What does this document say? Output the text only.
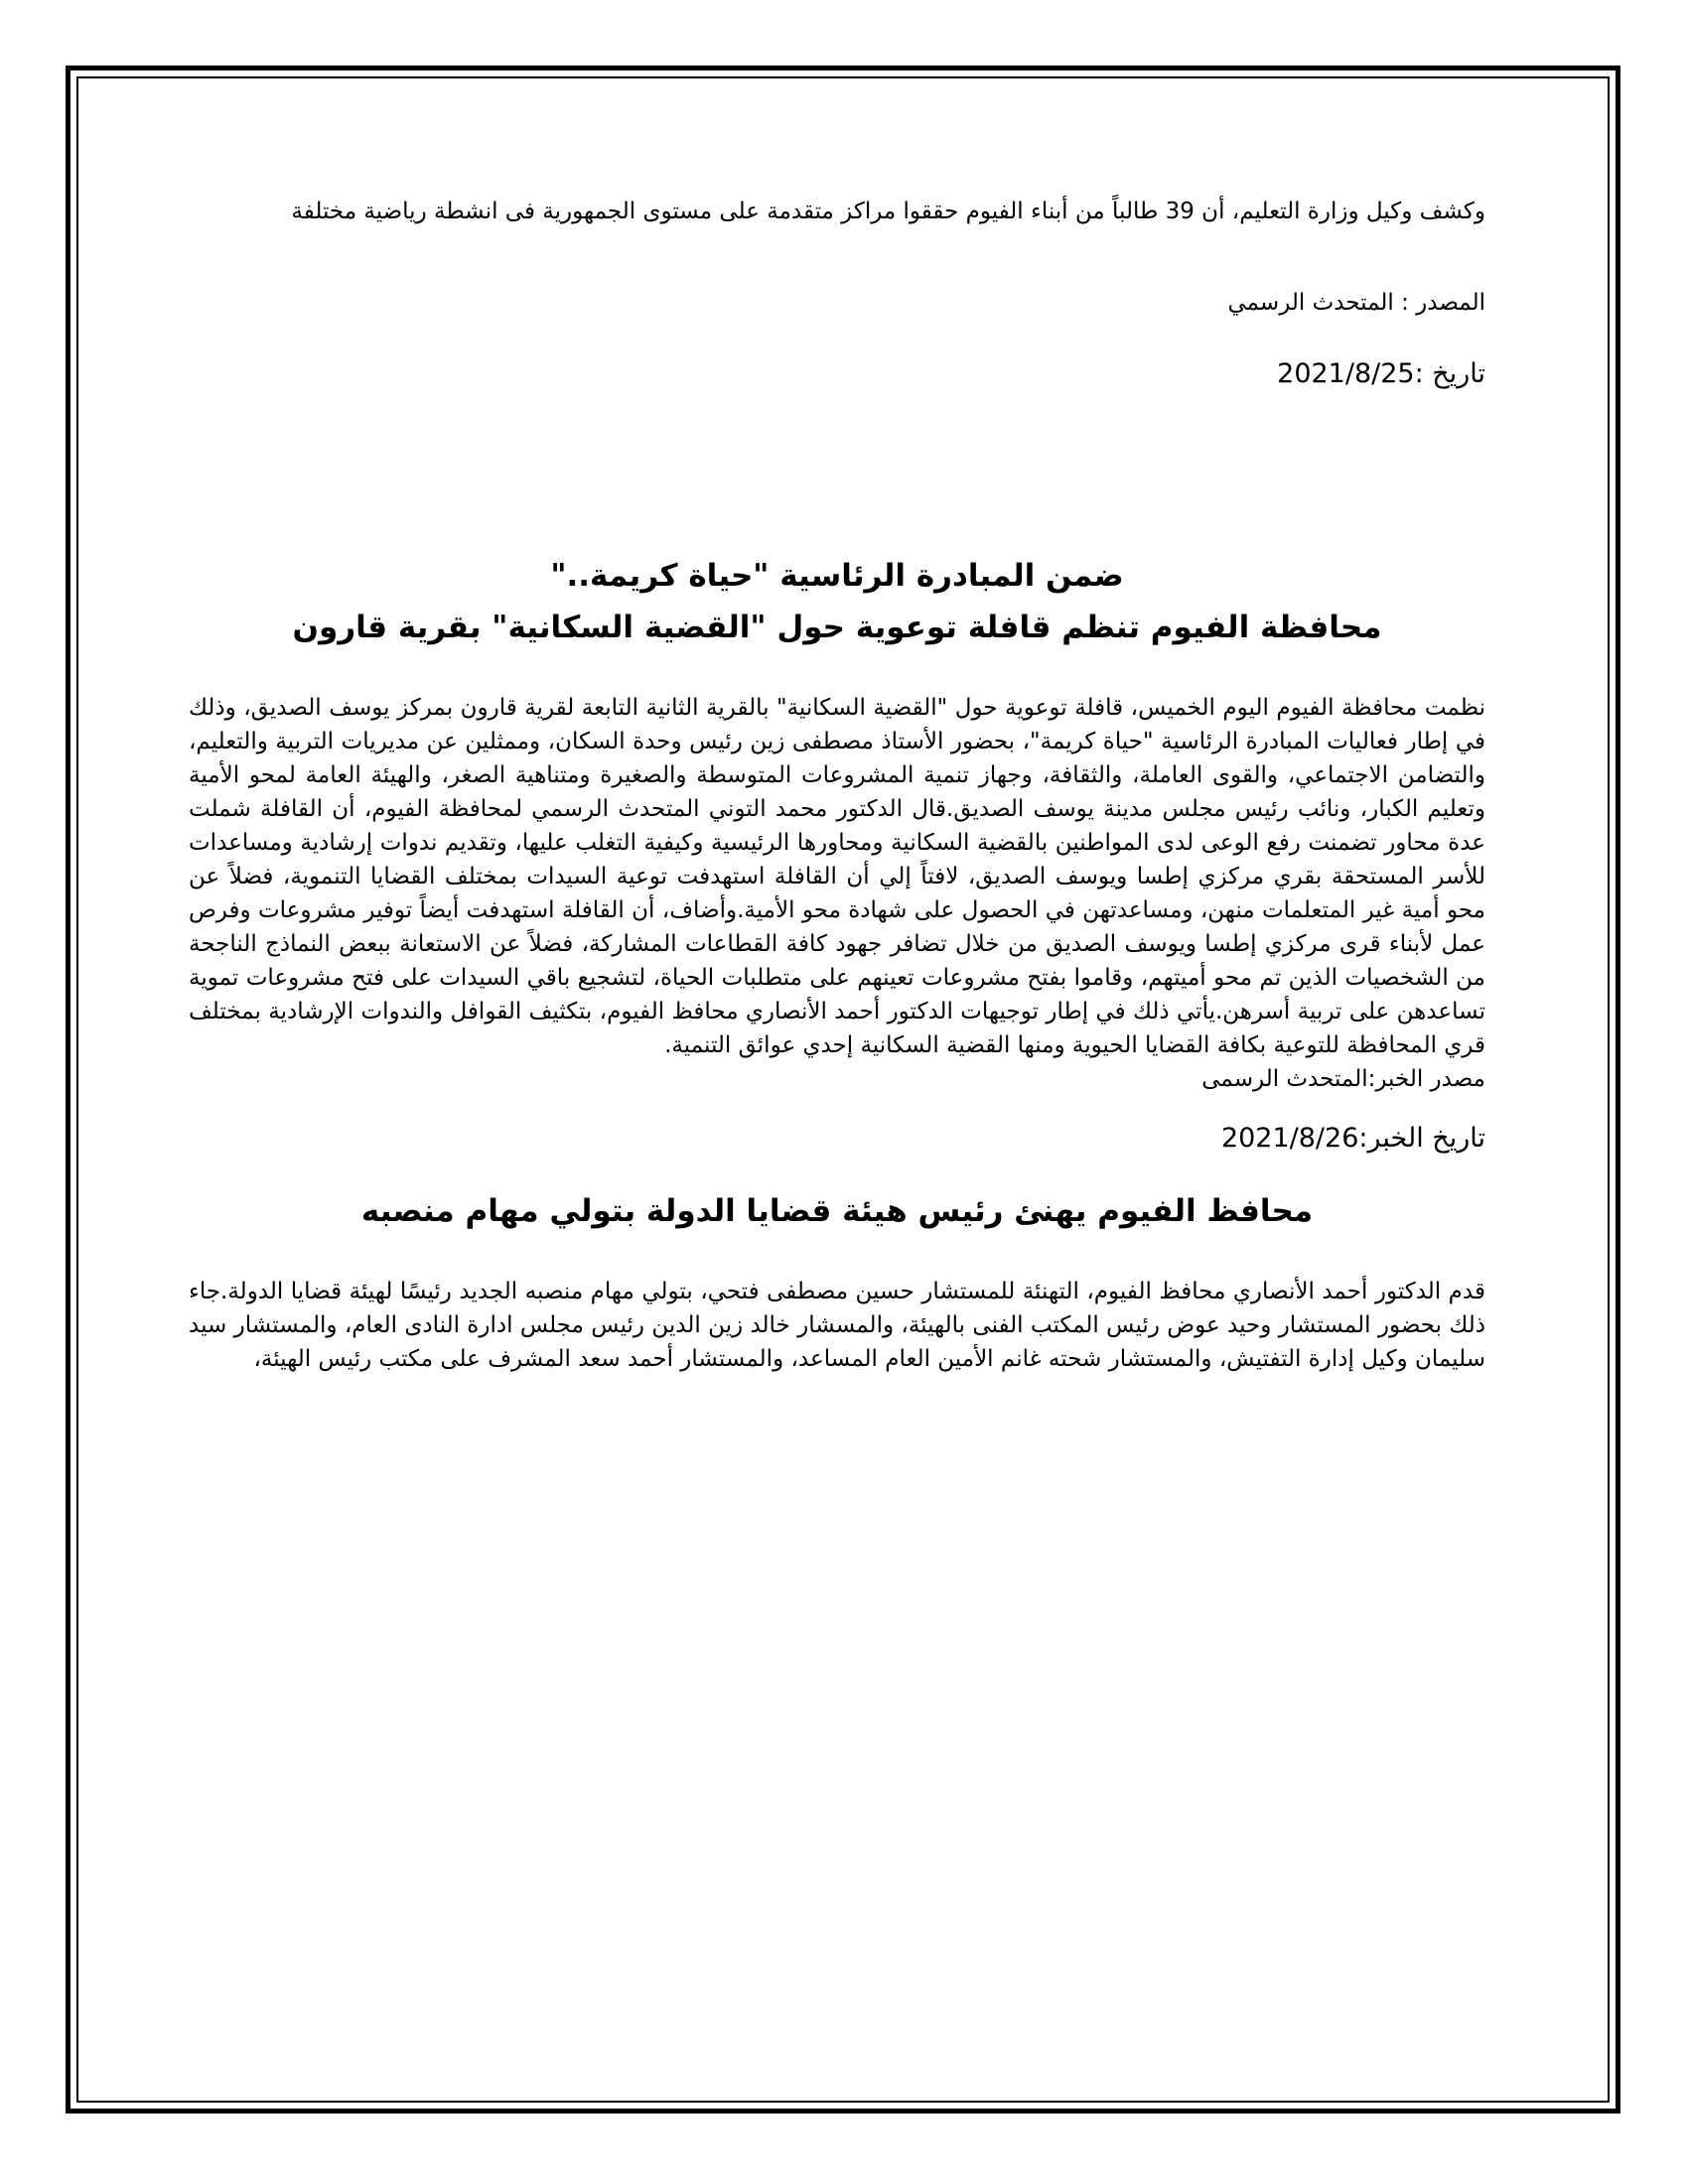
وكشف وكيل وزارة التعليم، أن 39 طالباً من أبناء الفيوم حققوا مراكز متقدمة على مستوى الجمهورية فى انشطة رياضية مختلفة

المصدر : المتحدث الرسمي

تاريخ :2021/8/25

ضمن المبادرة الرئاسية "حياة كريمة.."
محافظة الفيوم تنظم قافلة توعوية حول "القضية السكانية" بقرية قارون

نظمت محافظة الفيوم اليوم الخميس، قافلة توعوية حول "القضية السكانية" بالقرية الثانية التابعة لقرية قارون بمركز يوسف الصديق، وذلك في إطار فعاليات المبادرة الرئاسية "حياة كريمة"، بحضور الأستاذ مصطفى زين رئيس وحدة السكان، وممثلين عن مديريات التربية والتعليم، والتضامن الاجتماعي، والقوى العاملة، والثقافة، وجهاز تنمية المشروعات المتوسطة والصغيرة ومتناهية الصغر، والهيئة العامة لمحو الأمية وتعليم الكبار، ونائب رئيس مجلس مدينة يوسف الصديق.قال الدكتور محمد التوني المتحدث الرسمي لمحافظة الفيوم، أن القافلة شملت عدة محاور تضمنت رفع الوعى لدى المواطنين بالقضية السكانية ومحاورها الرئيسية وكيفية التغلب عليها، وتقديم ندوات إرشادية ومساعدات للأسر المستحقة بقري مركزي إطسا ويوسف الصديق، لافتاً إلي أن القافلة استهدفت توعية السيدات بمختلف القضايا التنموية، فضلاً عن محو أمية غير المتعلمات منهن، ومساعدتهن في الحصول على شهادة محو الأمية.وأضاف، أن القافلة استهدفت أيضاً توفير مشروعات وفرص عمل لأبناء قرى مركزي إطسا ويوسف الصديق من خلال تضافر جهود كافة القطاعات المشاركة، فضلاً عن الاستعانة ببعض النماذج الناجحة من الشخصيات الذين تم محو أميتهم، وقاموا بفتح مشروعات تعينهم على متطلبات الحياة، لتشجيع باقي السيدات على فتح مشروعات تموية تساعدهن على تربية أسرهن.يأتي ذلك في إطار توجيهات الدكتور أحمد الأنصاري محافظ الفيوم، بتكثيف القوافل والندوات الإرشادية بمختلف قري المحافظة للتوعية بكافة القضايا الحيوية ومنها القضية السكانية إحدي عوائق التنمية.

مصدر الخبر:المتحدث الرسمى

تاريخ الخبر:2021/8/26

محافظ الفيوم يهنئ رئيس هيئة قضايا الدولة بتولي مهام منصبه

قدم الدكتور أحمد الأنصاري محافظ الفيوم، التهنئة للمستشار حسين مصطفى فتحي، بتولي مهام منصبه الجديد رئيسًا لهيئة قضايا الدولة.جاء ذلك بحضور المستشار وحيد عوض رئيس المكتب الفنى بالهيئة، والمسشار خالد زين الدين رئيس مجلس ادارة النادى العام، والمستشار سيد سليمان وكيل إدارة التفتيش، والمستشار شحته غانم الأمين العام المساعد، والمستشار أحمد سعد المشرف على مكتب رئيس الهيئة،
